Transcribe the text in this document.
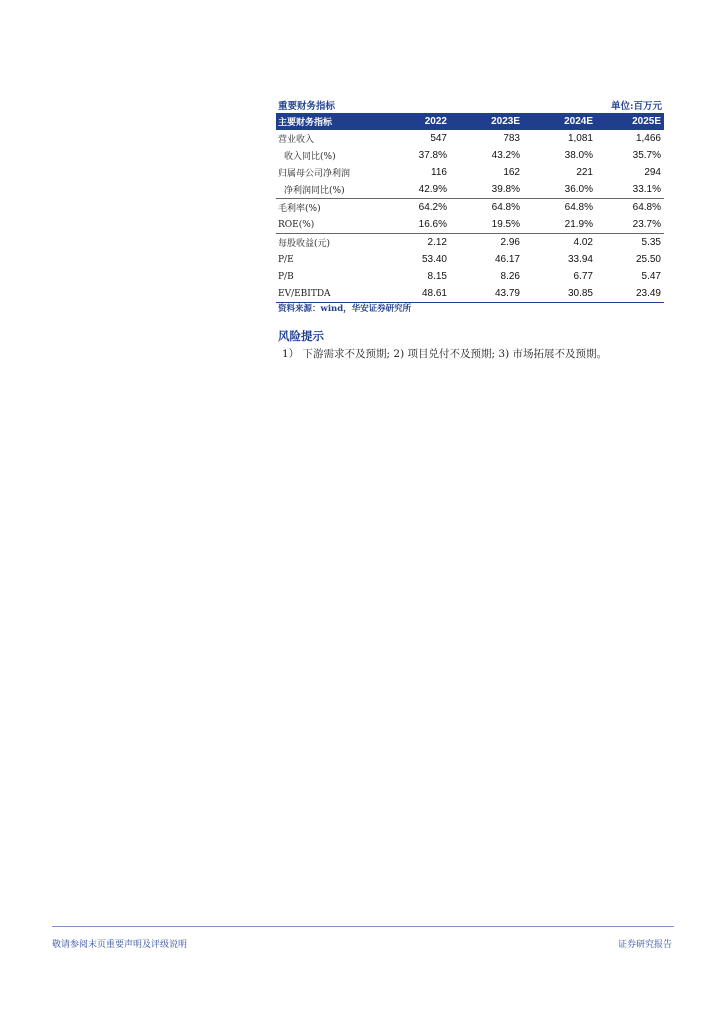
重要财务指标	单位:百万元
主要财务指标	2022	2023E	2024E	2025E
营业收入	547	783	1,081	1,466
收入同比(%)	37.8%	43.2%	38.0%	35.7%
归属母公司净利润	116	162	221	294
净利润同比(%)	42.9%	39.8%	36.0%	33.1%
毛利率(%)	64.2%	64.8%	64.8%	64.8%
ROE(%)	16.6%	19.5%	21.9%	23.7%
每股收益(元)	2.12	2.96	4.02	5.35
P/E	53.40	46.17	33.94	25.50
P/B	8.15	8.26	6.77	5.47
EV/EBITDA	48.61	43.79	30.85	23.49
资料来源：wind，华安证券研究所
风险提示
1） 下游需求不及预期; 2) 项目兑付不及预期; 3) 市场拓展不及预期。
敬请参阅末页重要声明及评级说明	证券研究报告
